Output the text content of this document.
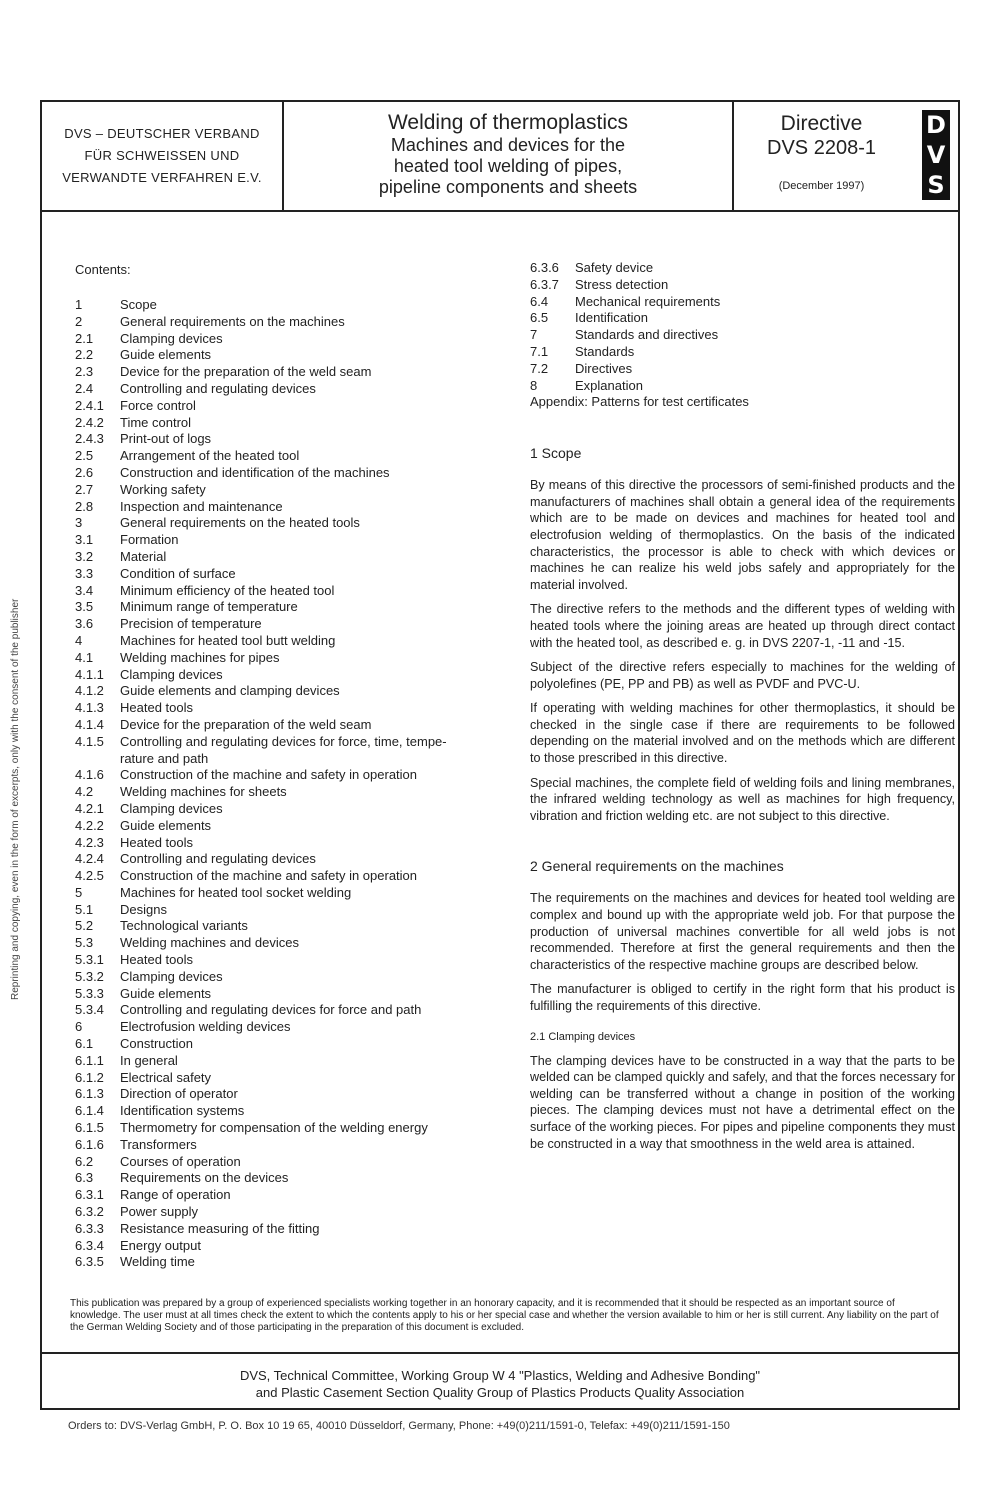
Reprinting and copying, even in the form of excerpts, only with the consent of the publisher
DVS – DEUTSCHER VERBAND
FÜR SCHWEISSEN UND
VERWANDTE VERFAHREN E.V.
Welding of thermoplastics
Machines and devices for the
heated tool welding of pipes,
pipeline components and sheets
Directive
DVS 2208-1
(December 1997)
D
V
S
Contents:
1	Scope
2	General requirements on the machines
2.1	Clamping devices
2.2	Guide elements
2.3	Device for the preparation of the weld seam
2.4	Controlling and regulating devices
2.4.1	Force control
2.4.2	Time control
2.4.3	Print-out of logs
2.5	Arrangement of the heated tool
2.6	Construction and identification of the machines
2.7	Working safety
2.8	Inspection and maintenance
3	General requirements on the heated tools
3.1	Formation
3.2	Material
3.3	Condition of surface
3.4	Minimum efficiency of the heated tool
3.5	Minimum range of temperature
3.6	Precision of temperature
4	Machines for heated tool butt welding
4.1	Welding machines for pipes
4.1.1	Clamping devices
4.1.2	Guide elements and clamping devices
4.1.3	Heated tools
4.1.4	Device for the preparation of the weld seam
4.1.5	Controlling and regulating devices for force, time, tempe-
rature and path
4.1.6	Construction of the machine and safety in operation
4.2	Welding machines for sheets
4.2.1	Clamping devices
4.2.2	Guide elements
4.2.3	Heated tools
4.2.4	Controlling and regulating devices
4.2.5	Construction of the machine and safety in operation
5	Machines for heated tool socket welding
5.1	Designs
5.2	Technological variants
5.3	Welding machines and devices
5.3.1	Heated tools
5.3.2	Clamping devices
5.3.3	Guide elements
5.3.4	Controlling and regulating devices for force and path
6	Electrofusion welding devices
6.1	Construction
6.1.1	In general
6.1.2	Electrical safety
6.1.3	Direction of operator
6.1.4	Identification systems
6.1.5	Thermometry for compensation of the welding energy
6.1.6	Transformers
6.2	Courses of operation
6.3	Requirements on the devices
6.3.1	Range of operation
6.3.2	Power supply
6.3.3	Resistance measuring of the fitting
6.3.4	Energy output
6.3.5	Welding time
6.3.6	Safety device
6.3.7	Stress detection
6.4	Mechanical requirements
6.5	Identification
7	Standards and directives
7.1	Standards
7.2	Directives
8	Explanation
Appendix: Patterns for test certificates
1 Scope

By means of this directive the processors of semi-finished products and the manufacturers of machines shall obtain a general idea of the requirements which are to be made on devices and machines for heated tool and electrofusion welding of thermoplastics. On the basis of the indicated characteristics, the processor is able to check with which devices or machines he can realize his weld jobs safely and appropriately for the material involved.

The directive refers to the methods and the different types of welding with heated tools where the joining areas are heated up through direct contact with the heated tool, as described e. g. in DVS 2207-1, -11 and -15.

Subject of the directive refers especially to machines for the welding of polyolefines (PE, PP and PB) as well as PVDF and PVC-U.

If operating with welding machines for other thermoplastics, it should be checked in the single case if there are requirements to be followed depending on the material involved and on the methods which are different to those prescribed in this directive.

Special machines, the complete field of welding foils and lining membranes, the infrared welding technology as well as machines for high frequency, vibration and friction welding etc. are not subject to this directive.

2 General requirements on the machines

The requirements on the machines and devices for heated tool welding are complex and bound up with the appropriate weld job. For that purpose the production of universal machines convertible for all weld jobs is not recommended. Therefore at first the general requirements and then the characteristics of the respective machine groups are described below.

The manufacturer is obliged to certify in the right form that his product is fulfilling the requirements of this directive.

2.1 Clamping devices

The clamping devices have to be constructed in a way that the parts to be welded can be clamped quickly and safely, and that the forces necessary for welding can be transferred without a change in position of the working pieces. The clamping devices must not have a detrimental effect on the surface of the working pieces. For pipes and pipeline components they must be constructed in a way that smoothness in the weld area is attained.

This publication was prepared by a group of experienced specialists working together in an honorary capacity, and it is recommended that it should be respected as an important source of knowledge. The user must at all times check the extent to which the contents apply to his or her special case and whether the version available to him or her is still current. Any liability on the part of the German Welding Society and of those participating in the preparation of this document is excluded.
DVS, Technical Committee, Working Group W 4 "Plastics, Welding and Adhesive Bonding"
and Plastic Casement Section Quality Group of Plastics Products Quality Association
Orders to: DVS-Verlag GmbH, P. O. Box 10 19 65, 40010 Düsseldorf, Germany, Phone: +49(0)211/1591-0, Telefax: +49(0)211/1591-150
